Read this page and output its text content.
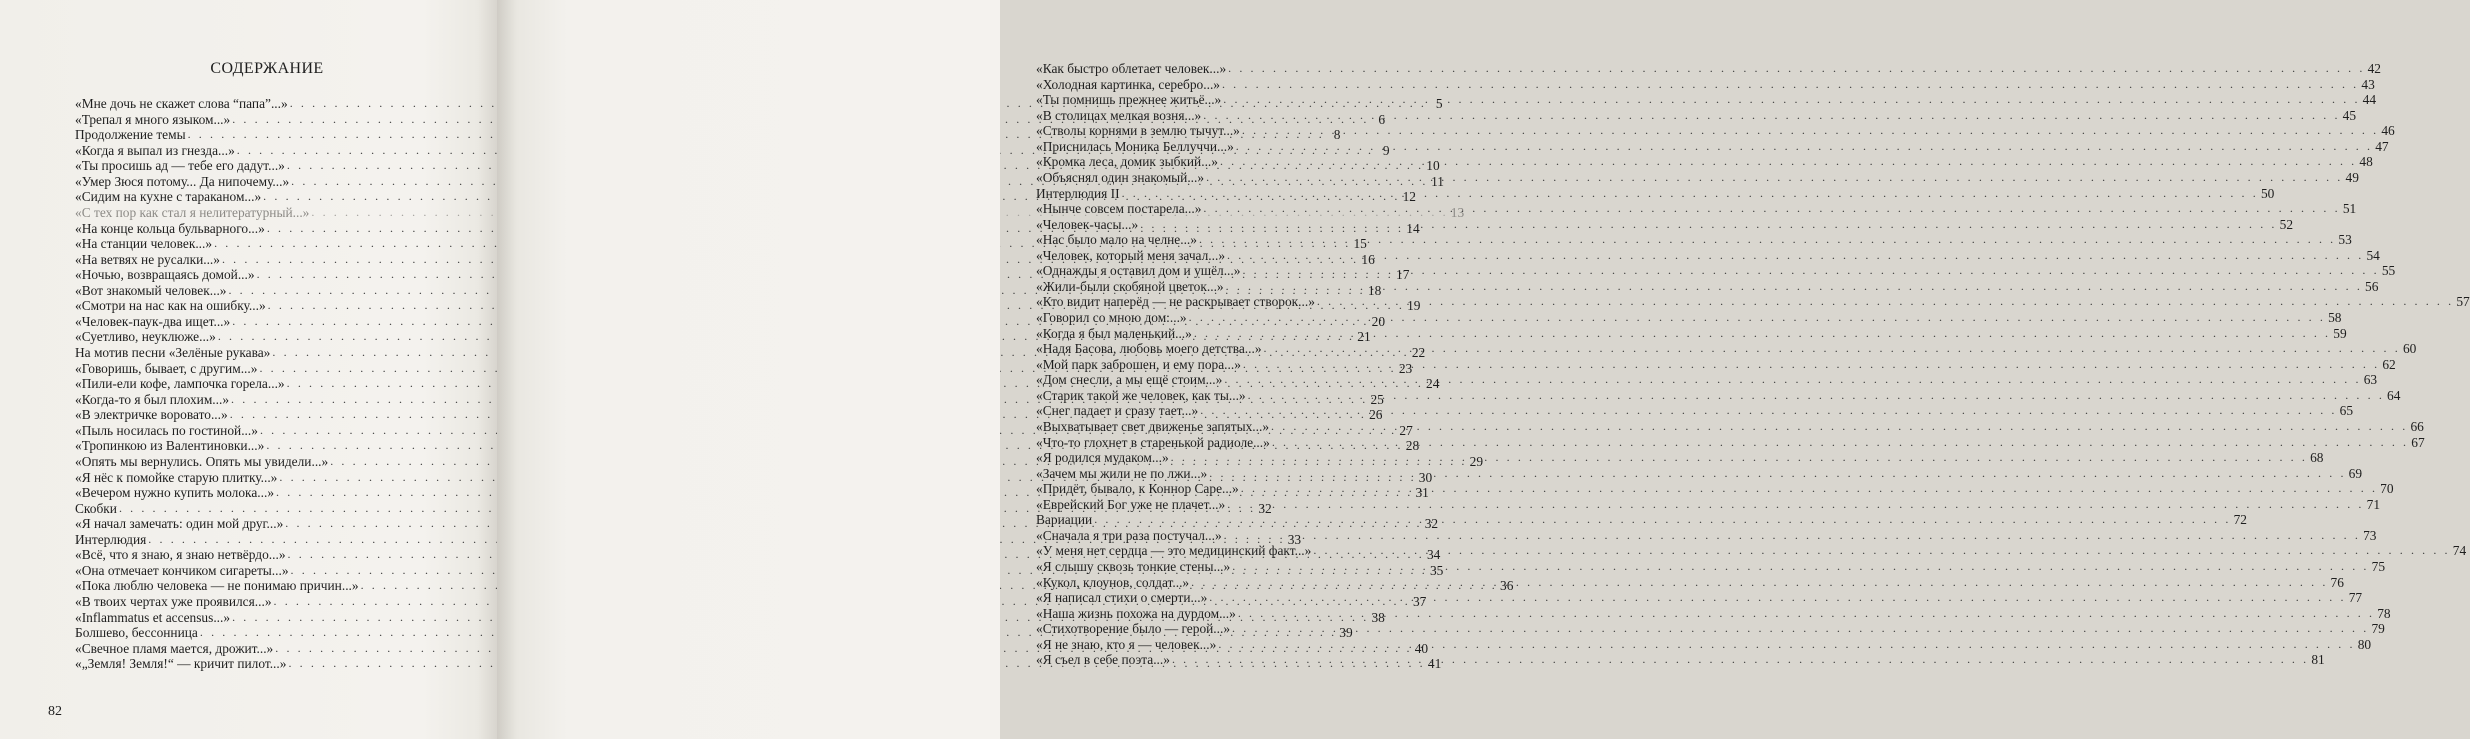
СОДЕРЖАНИЕ
«Мне дочь не скажет слова “папа”...» . . .	5
«Трепал я много языком...» . . .	6
Продолжение темы . . .	8
«Когда я выпал из гнезда...» . . .	9
«Ты просишь ад — тебе его дадут...» . . .	10
«Умер Зюся потому... Да нипочему...» . . .	11
«Сидим на кухне с тараканом...» . . .	12
«С тех пор как стал я нелитературный...» . . .	13
«На конце кольца бульварного...» . . .	14
«На станции человек...» . . .	15
«На ветвях не русалки...» . . .	16
«Ночью, возвращаясь домой...» . . .	17
«Вот знакомый человек...» . . .	18
«Смотри на нас как на ошибку...» . . .	19
«Человек-паук-два ищет...» . . .	20
«Суетливо, неуклюже...» . . .	21
На мотив песни «Зелёные рукава» . . .	22
«Говоришь, бывает, с другим...» . . .	23
«Пили-ели кофе, лампочка горела...» . . .	24
«Когда-то я был плохим...» . . .	25
«В электричке воровато...» . . .	26
«Пыль носилась по гостиной...» . . .	27
«Тропинкою из Валентиновки...» . . .	28
«Опять мы вернулись. Опять мы увидели...» . . .	29
«Я нёс к помойке старую плитку...» . . .	30
«Вечером нужно купить молока...» . . .	31
Скобки . . .	32
«Я начал замечать: один мой друг...» . . .	32
Интерлюдия . . .	33
«Всё, что я знаю, я знаю нетвёрдо...» . . .	34
«Она отмечает кончиком сигареты...» . . .	35
«Пока люблю человека — не понимаю причин...» . . .	36
«В твоих чертах уже проявился...» . . .	37
«Inflammatus et accensus...» . . .	38
Болшево, бессонница . . .	39
«Свечное пламя мается, дрожит...» . . .	40
«„Земля! Земля!“ — кричит пилот...» . . .	41

82

«Как быстро облетает человек...» . . .	42
«Холодная картинка, серебро...» . . .	43
«Ты помнишь прежнее житьё...» . . .	44
«В столицах мелкая возня...» . . .	45
«Стволы корнями в землю тычут...» . . .	46
«Приснилась Моника Беллуччи...» . . .	47
«Кромка леса, домик зыбкий...» . . .	48
«Объяснял один знакомый...» . . .	49
Интерлюдия II . . .	50
«Нынче совсем постарела...» . . .	51
«Человек-часы...» . . .	52
«Нас было мало на челне...» . . .	53
«Человек, который меня зачал...» . . .	54
«Однажды я оставил дом и ушёл...» . . .	55
«Жили-были скобяной цветок...» . . .	56
«Кто видит наперёд — не раскрывает створок...» . . .	57
«Говорил со мною дом:...» . . .	58
«Когда я был маленький...» . . .	59
«Надя Басова, любовь моего детства...» . . .	60
«Мой парк заброшен, и ему пора...» . . .	62
«Дом снесли, а мы ещё стоим...» . . .	63
«Старик такой же человек, как ты...» . . .	64
«Снег падает и сразу тает...» . . .	65
«Выхватывает свет движенье запятых...» . . .	66
«Что-то глохнет в старенькой радиоле...» . . .	67
«Я родился мудаком...» . . .	68
«Зачем мы жили не по лжи...» . . .	69
«Придёт, бывало, к Коннор Саре...» . . .	70
«Еврейский Бог уже не плачет...» . . .	71
Вариации . . .	72
«Сначала я три раза постучал...» . . .	73
«У меня нет сердца — это медицинский факт...» . . .	74
«Я слышу сквозь тонкие стены...» . . .	75
«Кукол, клоунов, солдат...» . . .	76
«Я написал стихи о смерти...» . . .	77
«Наша жизнь похожа на дурдом...» . . .	78
«Стихотворение было — герой...» . . .	79
«Я не знаю, кто я — человек...» . . .	80
«Я съел в себе поэта...» . . .	81
